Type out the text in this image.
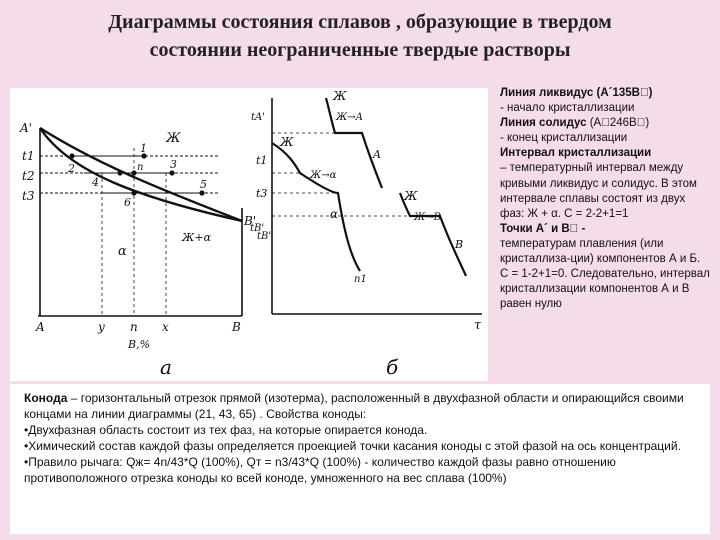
Диаграммы состояния сплавов , образующие в твердом
состоянии неограниченные твердые растворы
A'
t1
t2
t3
B'
tB'
1
2	3
4	5
6
n
Ж
Ж+α
α
A	y n x	B
B,%
a
tA'
t1
t3
tB'
Ж
Ж→A
A
Ж
Ж→α
α
n1
Ж
Ж→B
B
τ
б

Линия ликвидус (А´135В )

- начало кристаллизации

Линия солидус (А 246В )

- конец кристаллизации

Интервал кристаллизации

– температурный интервал между кривыми ликвидус и солидус. В этом интервале сплавы состоят из двух фаз: Ж + α. С = 2-2+1=1

Точки А´ и В  -

температурам плавления (или кристаллиза-ции) компонентов А и Б.

С = 1-2+1=0. Следовательно, интервал кристаллизации компонентов А и В равен нулю

Конода – горизонтальный отрезок прямой (изотерма), расположенный в двухфазной области и опирающийся своими концами на линии диаграммы (21, 43, 65) . Свойства коноды:

•Двухфазная область состоит из тех фаз, на которые опирается конода.

•Химический состав каждой фазы определяется проекцией точки касания коноды с этой фазой на ось концентраций.

•Правило рычага: Qж= 4n/43*Q (100%), Qт = n3/43*Q (100%) - количество каждой фазы равно отношению противоположного отрезка коноды ко всей коноде, умноженного на вес сплава (100%)
